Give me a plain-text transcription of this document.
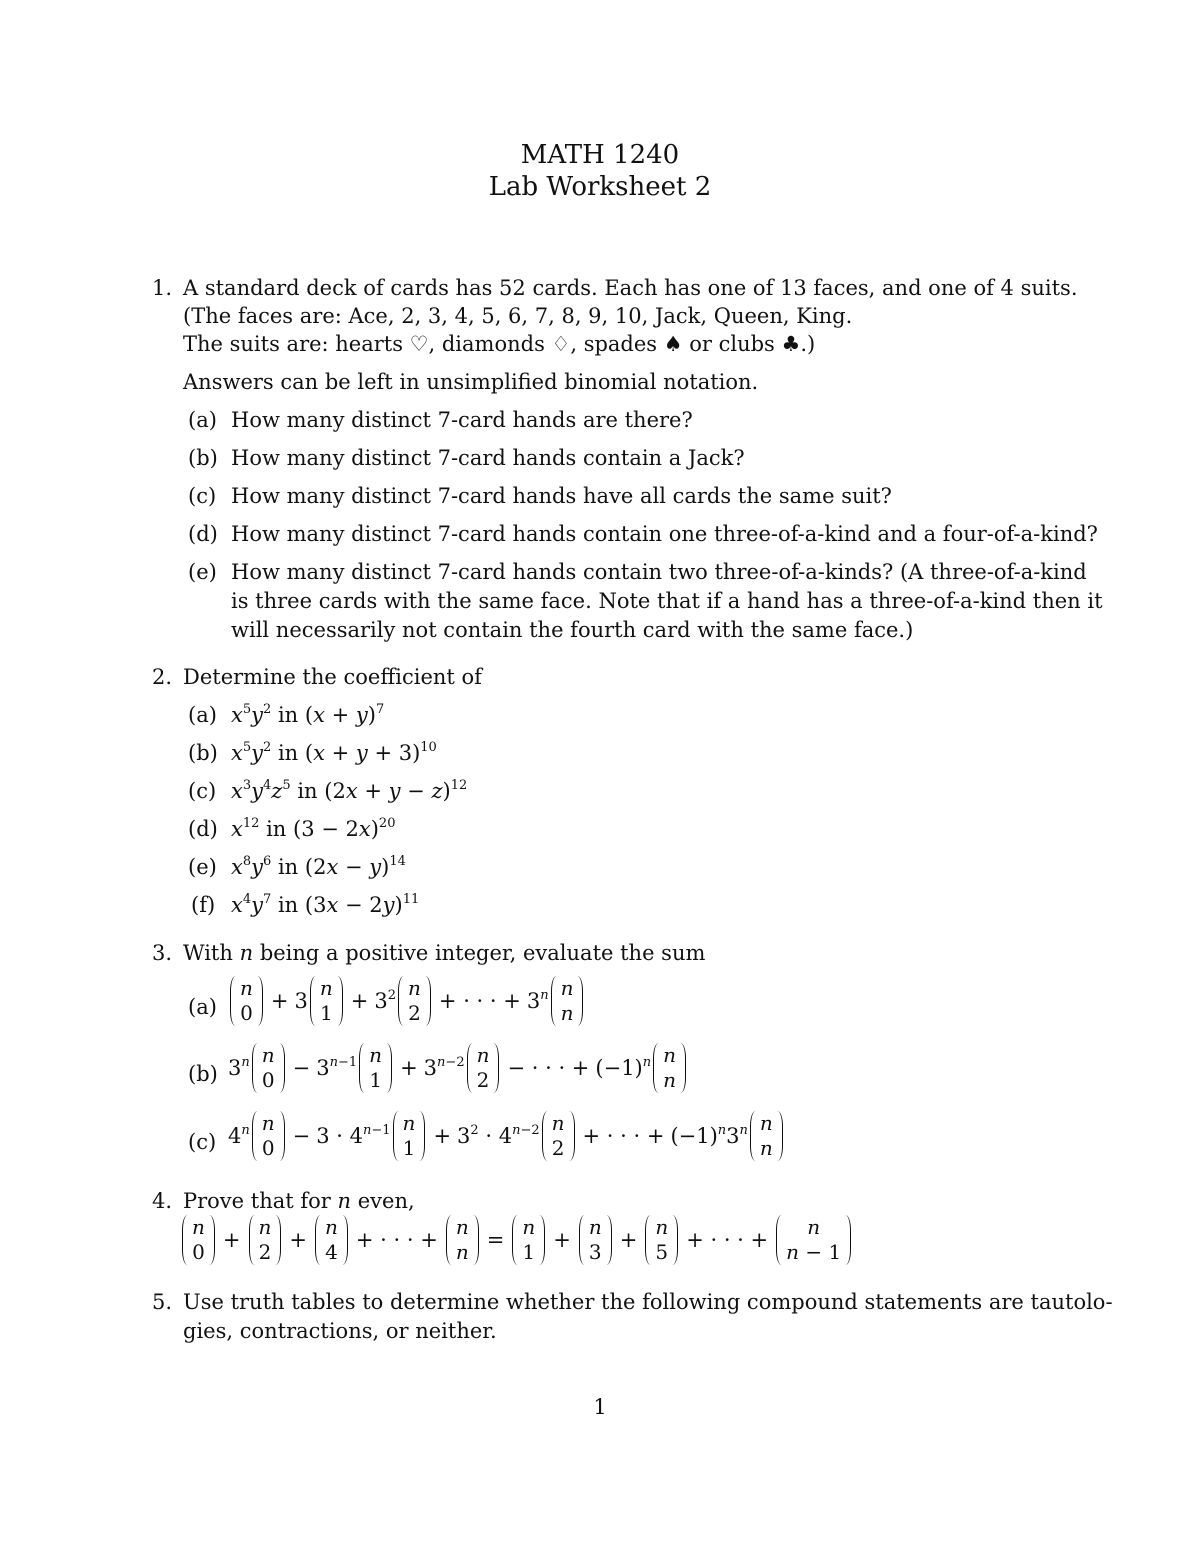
MATH 1240
Lab Worksheet 2
1. A standard deck of cards has 52 cards. Each has one of 13 faces, and one of 4 suits.
(The faces are: Ace, 2, 3, 4, 5, 6, 7, 8, 9, 10, Jack, Queen, King.
The suits are: hearts ♡, diamonds ♢, spades ♠ or clubs ♣.)
Answers can be left in unsimplified binomial notation.
(a) How many distinct 7-card hands are there?
(b) How many distinct 7-card hands contain a Jack?
(c) How many distinct 7-card hands have all cards the same suit?
(d) How many distinct 7-card hands contain one three-of-a-kind and a four-of-a-kind?
(e) How many distinct 7-card hands contain two three-of-a-kinds? (A three-of-a-kind
is three cards with the same face. Note that if a hand has a three-of-a-kind then it
will necessarily not contain the fourth card with the same face.)
2. Determine the coefficient of
(a) $x^5y^2$ in $(x + y)^7$
(b) $x^5y^2$ in $(x + y + 3)^{10}$
(c) $x^3y^4z^5$ in $(2x + y - z)^{12}$
(d) $x^{12}$ in $(3 - 2x)^{20}$
(e) $x^8y^6$ in $(2x - y)^{14}$
(f) $x^4y^7$ in $(3x - 2y)^{11}$
3. With n being a positive integer, evaluate the sum
(a)
n
0 + 3
n
$1 + 3^2$ n
2 + · · · + $3^n$ n
n
(b) 3$^n$ n
$0 - 3^{n-1}$ n
$1 + 3^{n-2}$ n
2 − · · · + $(-1)^n$ n
n
(c) 4$^n$ n
$0 - 3 \cdot 4^{n-1}$ n
$1 + 3^2 \cdot 4^{n-2}$ n
2 + · · · + $(-1)^n3^n$ n
n
4. Prove that for n even,
n
0 +
n
2 +
n
4 + · · · +
n
n =
n
1 +
n
3 +
n
5 + · · · +
n
n − 1
5. Use truth tables to determine whether the following compound statements are tautolo-
gies, contractions, or neither.
1
